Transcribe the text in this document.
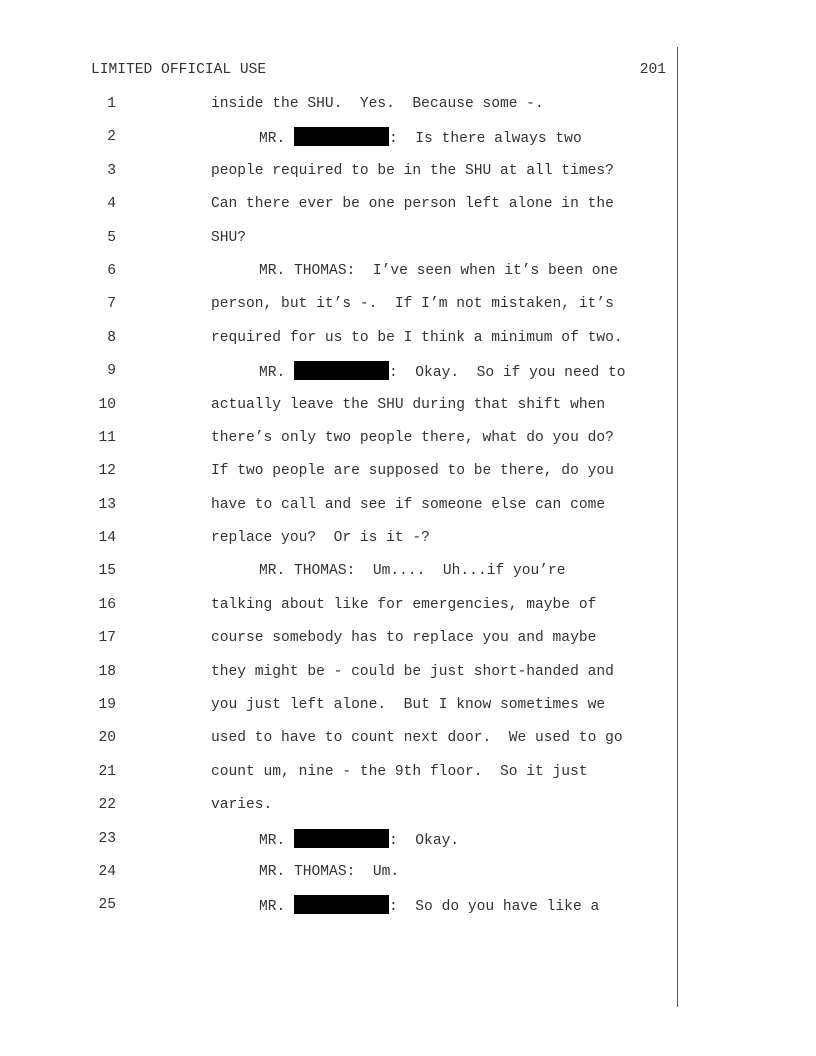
LIMITED OFFICIAL USE	201
1	inside the SHU.  Yes.  Because some -.
2	MR.	:  Is there always two
3	people required to be in the SHU at all times?
4	Can there ever be one person left alone in the
5	SHU?
6	MR. THOMAS:  I’ve seen when it’s been one
7	person, but it’s -.  If I’m not mistaken, it’s
8	required for us to be I think a minimum of two.
9	MR.	:  Okay.  So if you need to
10	actually leave the SHU during that shift when
11	there’s only two people there, what do you do?
12	If two people are supposed to be there, do you
13	have to call and see if someone else can come
14	replace you?  Or is it -?
15	MR. THOMAS:  Um....  Uh...if you’re
16	talking about like for emergencies, maybe of
17	course somebody has to replace you and maybe
18	they might be - could be just short-handed and
19	you just left alone.  But I know sometimes we
20	used to have to count next door.  We used to go
21	count um, nine - the 9th floor.  So it just
22	varies.
23	MR.	:  Okay.
24	MR. THOMAS:  Um.
25	MR.	:  So do you have like a
